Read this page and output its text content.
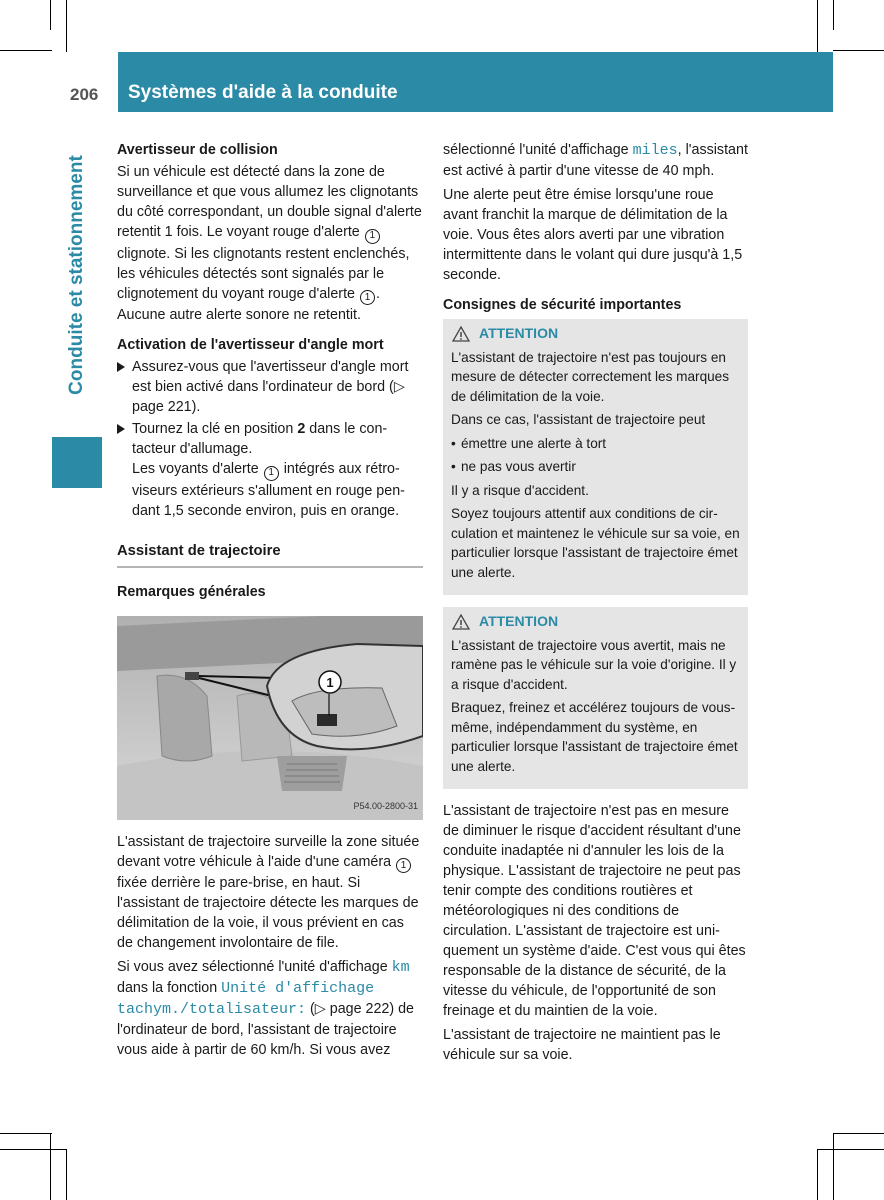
206 Systèmes d'aide à la conduite
Conduite et stationnement
Avertisseur de collision

Si un véhicule est détecté dans la zone de surveillance et que vous allumez les clignotants du côté correspondant, un double signal d'alerte retentit 1 fois. Le voyant rouge d'alerte 1 clignote. Si les clignotants restent enclenchés, les véhicules détectés sont signalés par le clignotement du voyant rouge d'alerte 1 . Aucune autre alerte sonore ne retentit.

Activation de l'avertisseur d'angle mort
Assurez-vous que l'avertisseur d'angle mort est bien activé dans l'ordinateur de bord (▷ page 221).
Tournez la clé en position 2 dans le contacteur d'allumage.
Les voyants d'alerte 1 intégrés aux rétroviseurs extérieurs s'allument en rouge pendant 1,5 seconde environ, puis en orange.
Assistant de trajectoire
Remarques générales
1
P54.00-2800-31

L'assistant de trajectoire surveille la zone située devant votre véhicule à l'aide d'une caméra 1 fixée derrière le pare-brise, en haut. Si l'assistant de trajectoire détecte les marques de délimitation de la voie, il vous prévient en cas de changement involontaire de file.

Si vous avez sélectionné l'unité d'affichage km dans la fonction Unité d'affichage tachym./totalisateur: (▷ page 222) de l'ordinateur de bord, l'assistant de trajectoire vous aide à partir de 60 km/h. Si vous avez

sélectionné l'unité d'affichage miles, l'assistant est activé à partir d'une vitesse de 40 mph.

Une alerte peut être émise lorsqu'une roue avant franchit la marque de délimitation de la voie. Vous êtes alors averti par une vibration intermittente dans le volant qui dure jusqu'à 1,5 seconde.

Consignes de sécurité importantes
ATTENTION

L'assistant de trajectoire n'est pas toujours en mesure de détecter correctement les marques de délimitation de la voie.

Dans ce cas, l'assistant de trajectoire peut

• émettre une alerte à tort
• ne pas vous avertir

Il y a risque d'accident.

Soyez toujours attentif aux conditions de circulation et maintenez le véhicule sur sa voie, en particulier lorsque l'assistant de trajectoire émet une alerte.

ATTENTION

L'assistant de trajectoire vous avertit, mais ne ramène pas le véhicule sur la voie d'origine. Il y a risque d'accident.

Braquez, freinez et accélérez toujours de vous-même, indépendamment du système, en particulier lorsque l'assistant de trajectoire émet une alerte.

L'assistant de trajectoire n'est pas en mesure de diminuer le risque d'accident résultant d'une conduite inadaptée ni d'annuler les lois de la physique. L'assistant de trajectoire ne peut pas tenir compte des conditions routières et météorologiques ni des conditions de circulation. L'assistant de trajectoire est uniquement un système d'aide. C'est vous qui êtes responsable de la distance de sécurité, de la vitesse du véhicule, de l'opportunité de son freinage et du maintien de la voie.

L'assistant de trajectoire ne maintient pas le véhicule sur sa voie.
